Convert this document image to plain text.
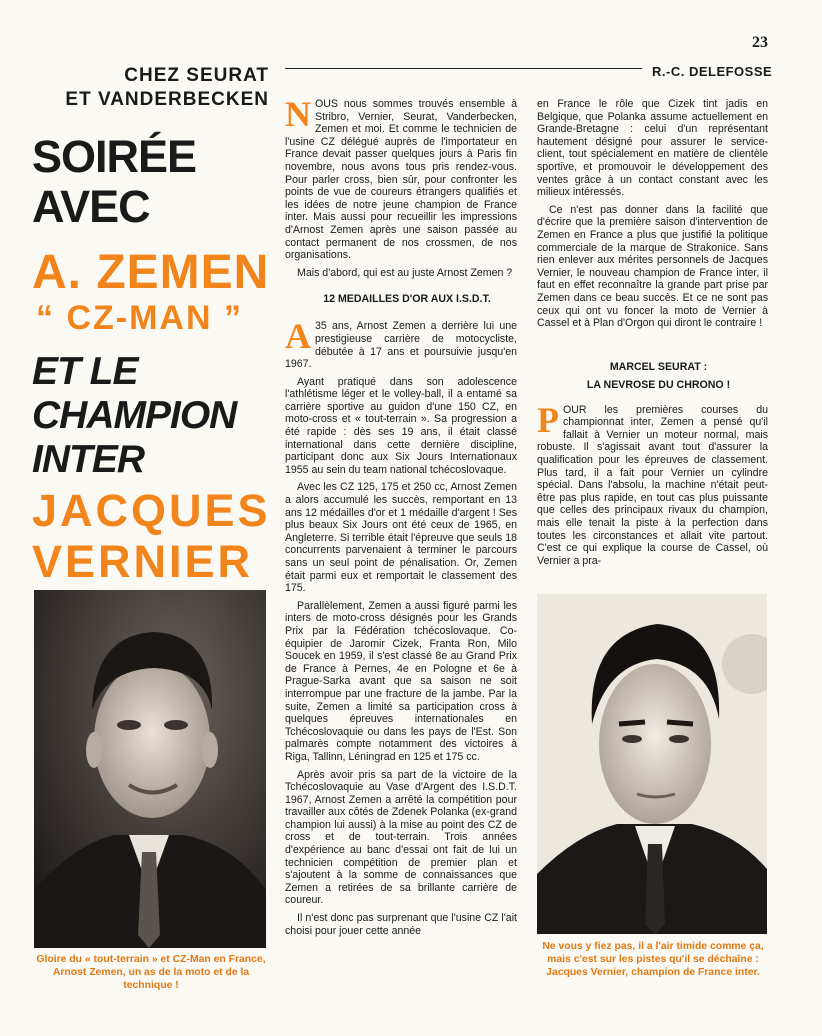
23
CHEZ SEURAT
ET VANDERBECKEN
R.-C. DELEFOSSE
SOIRÉE
AVEC
A. ZEMEN
“ CZ-MAN ”
ET LE
CHAMPION
INTER
JACQUES
VERNIER
Gloire du « tout-terrain » et CZ-Man en France, Arnost Zemen, un as de la moto et de la technique !

NOUS nous sommes trouvés ensemble à Stribro, Vernier, Seurat, Vanderbecken, Zemen et moi. Et comme le technicien de l'usine CZ délégué auprès de l'importateur en France devait passer quelques jours à Paris fin novembre, nous avons tous pris rendez-vous. Pour parler cross, bien sûr, pour confronter les points de vue de coureurs étrangers qualifiés et les idées de notre jeune champion de France inter. Mais aussi pour recueillir les impressions d'Arnost Zemen après une saison passée au contact permanent de nos crossmen, de nos organisations.

Mais d'abord, qui est au juste Arnost Zemen ?

12 MEDAILLES D'OR AUX I.S.D.T.

A 35 ans, Arnost Zemen a derrière lui une prestigieuse carrière de motocycliste, débutée à 17 ans et poursuivie jusqu'en 1967.

Ayant pratiqué dans son adolescence l'athlétisme léger et le volley-ball, il a entamé sa carrière sportive au guidon d'une 150 CZ, en moto-cross et « tout-terrain ». Sa progression a été rapide : dès ses 19 ans, il était classé international dans cette dernière discipline, participant donc aux Six Jours Internationaux 1955 au sein du team national tchécoslovaque.

Avec les CZ 125, 175 et 250 cc, Arnost Zemen a alors accumulé les succès, remportant en 13 ans 12 médailles d'or et 1 médaille d'argent ! Ses plus beaux Six Jours ont été ceux de 1965, en Angleterre. Si terrible était l'épreuve que seuls 18 concurrents parvenaient à terminer le parcours sans un seul point de pénalisation. Or, Zemen était parmi eux et remportait le classement des 175.

Parallèlement, Zemen a aussi figuré parmi les inters de moto-cross désignés pour les Grands Prix par la Fédération tchécoslovaque. Co-équipier de Jaromir Cizek, Franta Ron, Milo Soucek en 1959, il s'est classé 8e au Grand Prix de France à Pernes, 4e en Pologne et 6e à Prague-Sarka avant que sa saison ne soit interrompue par une fracture de la jambe. Par la suite, Zemen a limité sa participation cross à quelques épreuves internationales en Tchécoslovaquie ou dans les pays de l'Est. Son palmarès compte notamment des victoires à Riga, Tallinn, Léningrad en 125 et 175 cc.

Après avoir pris sa part de la victoire de la Tchécoslovaquie au Vase d'Argent des I.S.D.T. 1967, Arnost Zemen a arrêté la compétition pour travailler aux côtés de Zdenek Polanka (ex-grand champion lui aussi) à la mise au point des CZ de cross et de tout-terrain. Trois années d'expérience au banc d'essai ont fait de lui un technicien compétition de premier plan et s'ajoutent à la somme de connaissances que Zemen a retirées de sa brillante carrière de coureur.

Il n'est donc pas surprenant que l'usine CZ l'ait choisi pour jouer cette année

en France le rôle que Cizek tint jadis en Belgique, que Polanka assume actuellement en Grande-Bretagne : celui d'un représentant hautement désigné pour assurer le service-client, tout spécialement en matière de clientèle sportive, et promouvoir le développement des ventes grâce à un contact constant avec les milieux intéressés.

Ce n'est pas donner dans la facilité que d'écrire que la première saison d'intervention de Zemen en France a plus que justifié la politique commerciale de la marque de Strakonice. Sans rien enlever aux mérites personnels de Jacques Vernier, le nouveau champion de France inter, il faut en effet reconnaître la grande part prise par Zemen dans ce beau succès. Et ce ne sont pas ceux qui ont vu foncer la moto de Vernier à Cassel et à Plan d'Orgon qui diront le contraire !

MARCEL SEURAT :

LA NEVROSE DU CHRONO !

POUR les premières courses du championnat inter, Zemen a pensé qu'il fallait à Vernier un moteur normal, mais robuste. Il s'agissait avant tout d'assurer la qualification pour les épreuves de classement. Plus tard, il a fait pour Vernier un cylindre spécial. Dans l'absolu, la machine n'était peut-être pas plus rapide, en tout cas plus puissante que celles des principaux rivaux du champion, mais elle tenait la piste à la perfection dans toutes les circonstances et allait vite partout. C'est ce qui explique la course de Cassel, où Vernier a pra-

Ne vous y fiez pas, il a l'air timide comme ça, mais c'est sur les pistes qu'il se déchaîne : Jacques Vernier, champion de France inter.
